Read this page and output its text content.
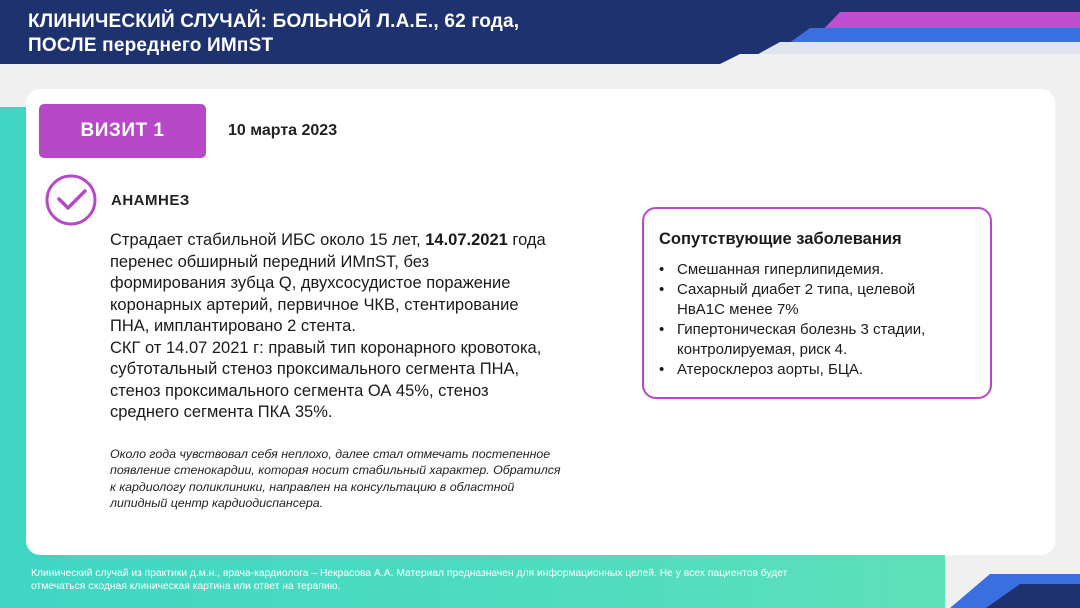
КЛИНИЧЕСКИЙ СЛУЧАЙ: БОЛЬНОЙ Л.А.Е., 62 года,
ПОСЛЕ переднего ИМпST
ВИЗИТ 1	10 марта 2023
АНАМНЕЗ
Страдает стабильной ИБС около 15 лет, 14.07.2021 года
перенес обширный передний ИМпST, без
формирования зубца Q, двухсосудистое поражение
коронарных артерий, первичное ЧКВ, стентирование
ПНА, имплантировано 2 стента.
СКГ от 14.07 2021 г: правый тип коронарного кровотока,
субтотальный стеноз проксимального сегмента ПНА,
стеноз проксимального сегмента ОА 45%, стеноз
среднего сегмента ПКА 35%.
Около года чувствовал себя неплохо, далее стал отмечать постепенное
появление стенокардии, которая носит стабильный характер. Обратился
к кардиологу поликлиники, направлен на консультацию в областной
липидный центр кардиодиспансера.
Сопутствующие заболевания
• Смешанная гиперлипидемия.
• Сахарный диабет 2 типа, целевой
НвА1С менее 7%
• Гипертоническая болезнь 3 стадии,
контролируемая, риск 4.
• Атеросклероз аорты, БЦА.
Клинический случай из практики д.м.н., врача-кардиолога – Некрасова А.А. Материал предназначен для информационных целей. Не у всех пациентов будет
отмечаться сходная клиническая картина или ответ на терапию.
